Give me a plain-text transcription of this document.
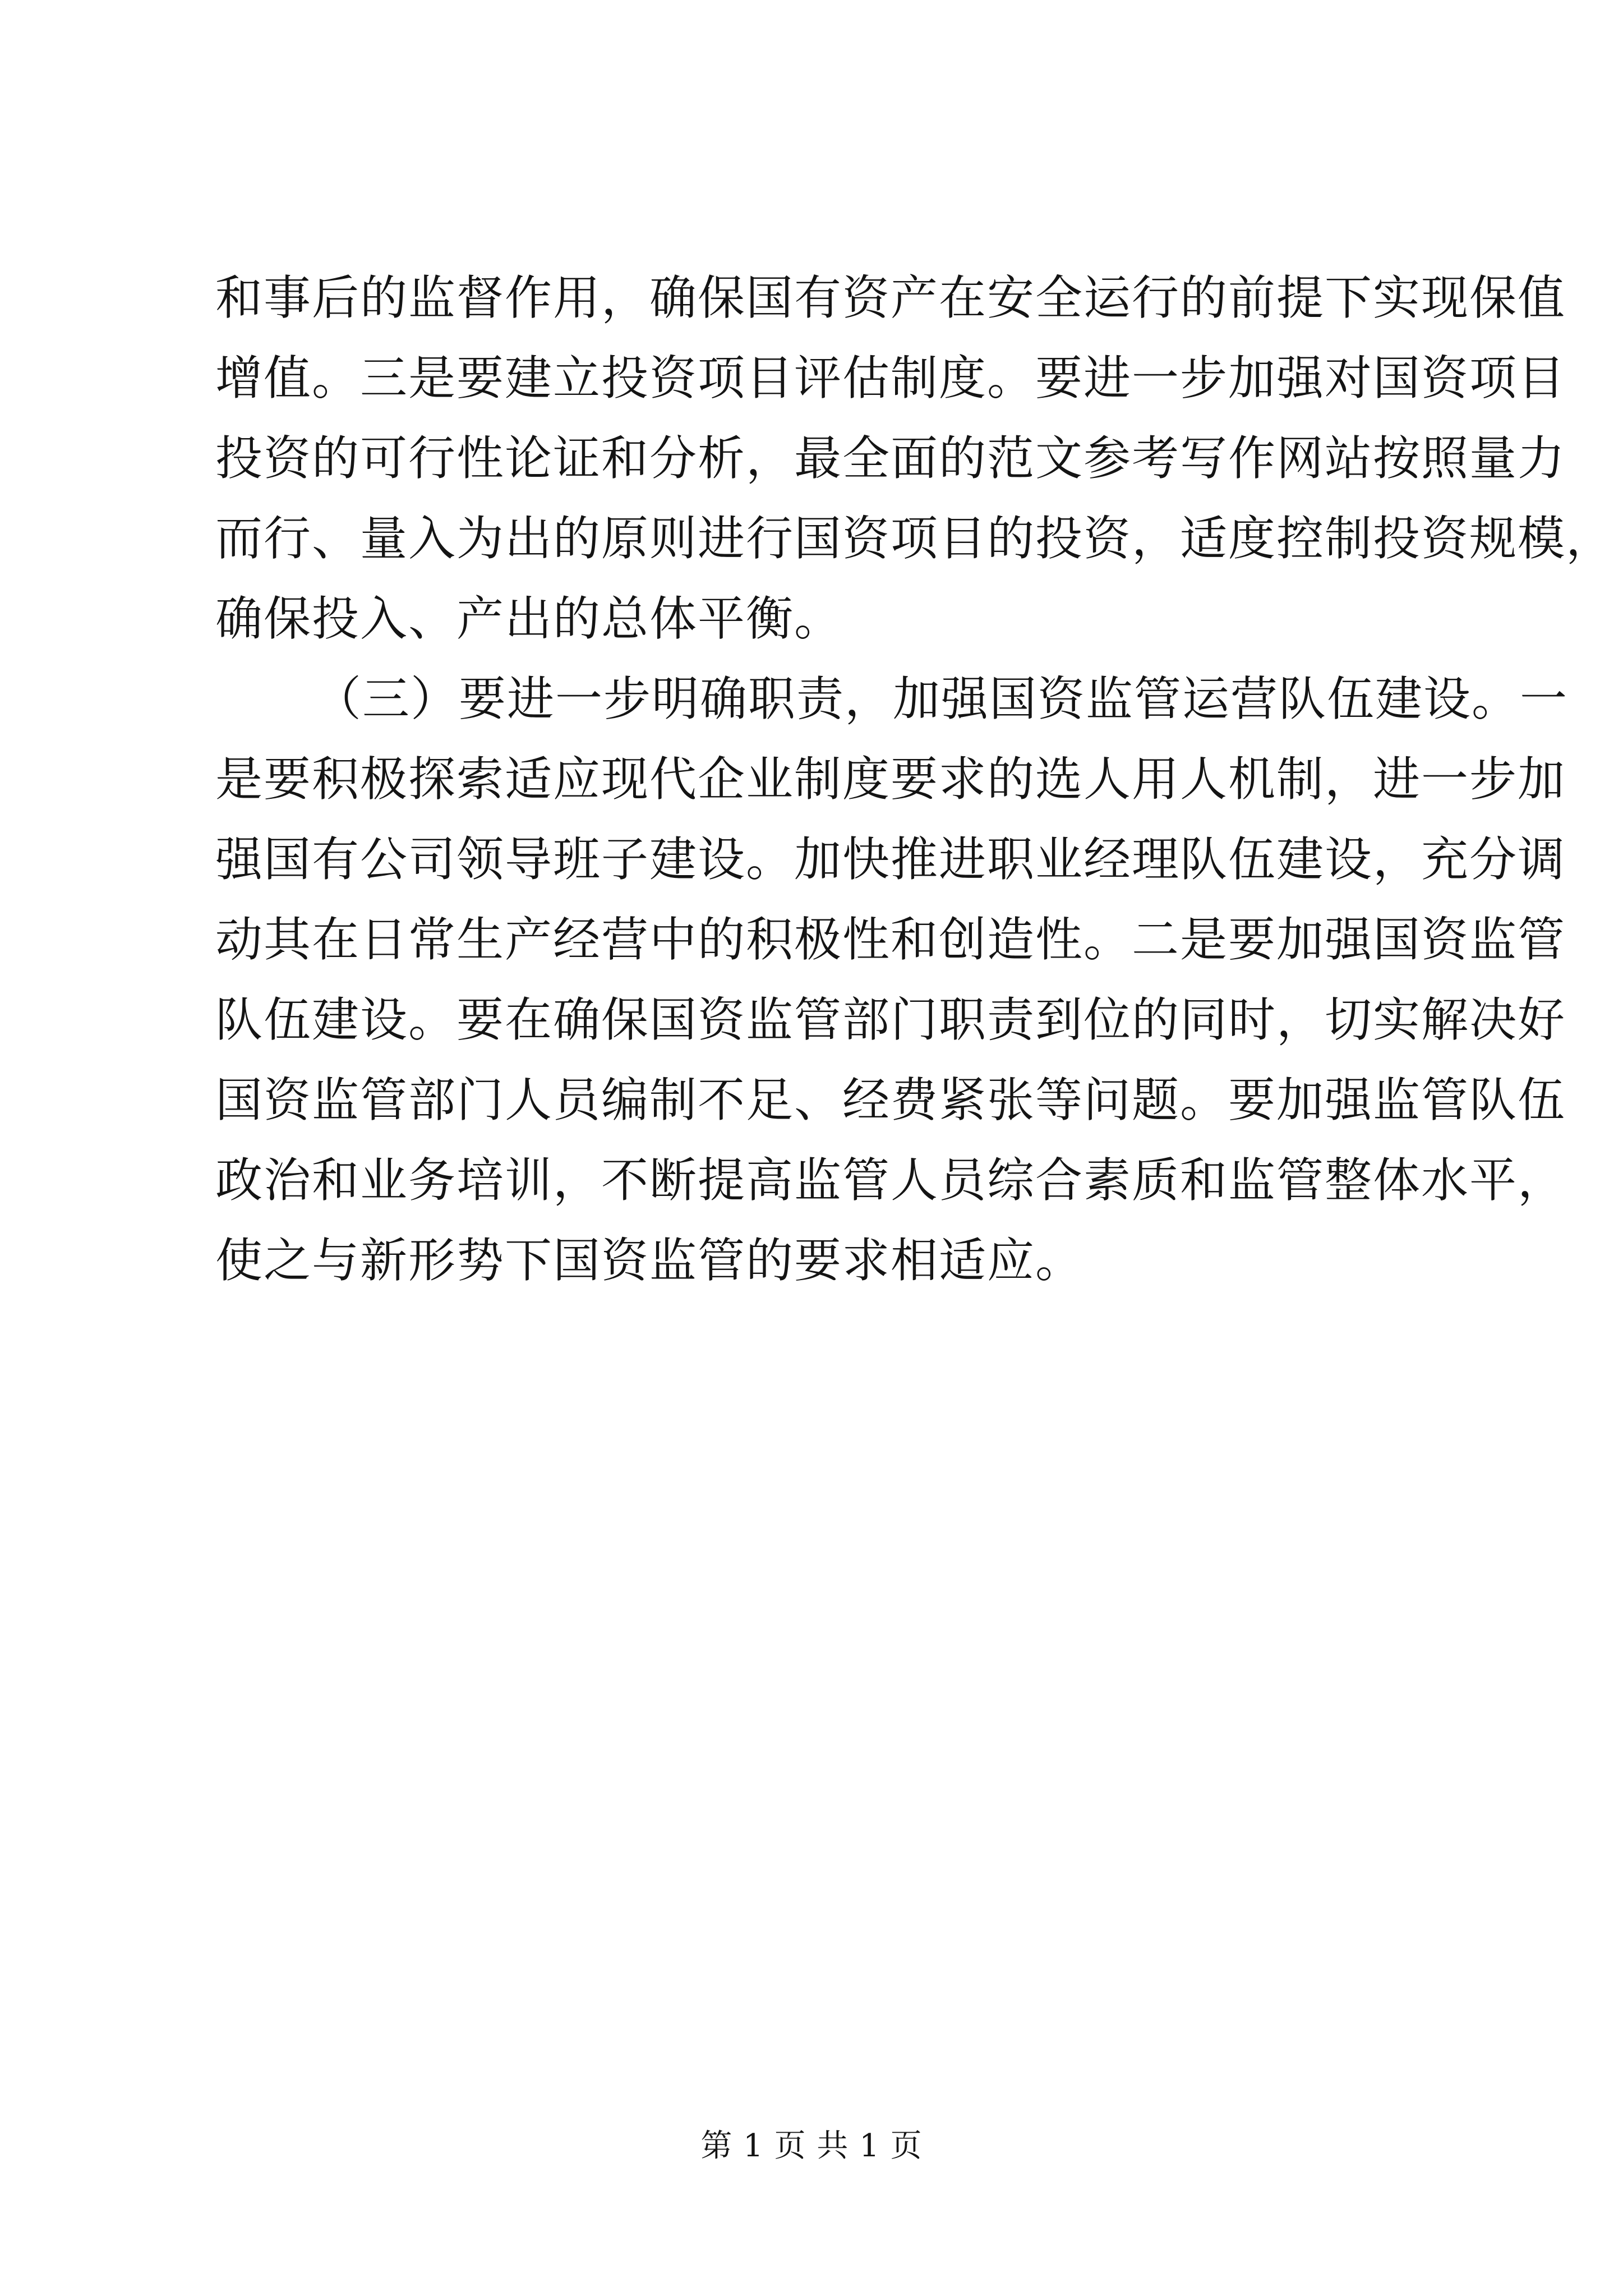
和事后的监督作用，确保国有资产在安全运行的前提下实现保值
增值。三是要建立投资项目评估制度。要进一步加强对国资项目
投资的可行性论证和分析，最全面的范文参考写作网站按照量力
而行、量入为出的原则进行国资项目的投资，适度控制投资规模，
确保投入、产出的总体平衡。
（三）要进一步明确职责，加强国资监管运营队伍建设。一
是要积极探索适应现代企业制度要求的选人用人机制，进一步加
强国有公司领导班子建设。加快推进职业经理队伍建设，充分调
动其在日常生产经营中的积极性和创造性。二是要加强国资监管
队伍建设。要在确保国资监管部门职责到位的同时，切实解决好
国资监管部门人员编制不足、经费紧张等问题。要加强监管队伍
政治和业务培训，不断提高监管人员综合素质和监管整体水平，
使之与新形势下国资监管的要求相适应。
第 1 页 共 1 页
